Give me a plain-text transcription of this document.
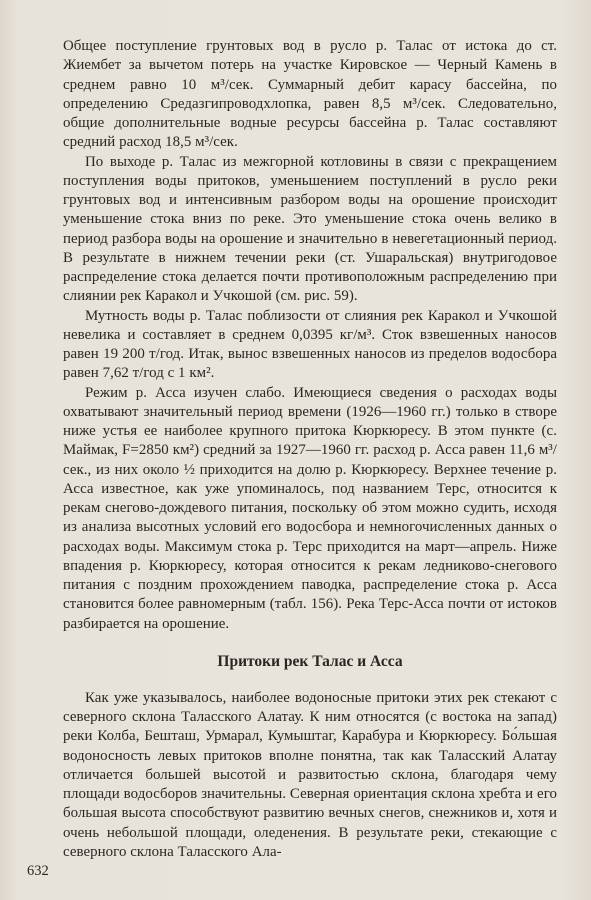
Общее поступление грунтовых вод в русло р. Талас от истока до ст. Жиембет за вычетом потерь на участке Кировское — Черный Камень в среднем равно 10 м³/сек. Суммарный дебит карасу бассейна, по определению Средазгипроводхлопка, равен 8,5 м³/сек. Следовательно, общие дополнительные водные ресурсы бассейна р. Талас составляют средний расход 18,5 м³/сек.

По выходе р. Талас из межгорной котловины в связи с прекращением поступления воды притоков, уменьшением поступлений в русло реки грунтовых вод и интенсивным разбором воды на орошение происходит уменьшение стока вниз по реке. Это уменьшение стока очень велико в период разбора воды на орошение и значительно в невегетационный период. В результате в нижнем течении реки (ст. Ушаральская) внутригодовое распределение стока делается почти противоположным распределению при слиянии рек Каракол и Учкошой (см. рис. 59).

Мутность воды р. Талас поблизости от слияния рек Каракол и Учкошой невелика и составляет в среднем 0,0395 кг/м³. Сток взвешенных наносов равен 19 200 т/год. Итак, вынос взвешенных наносов из пределов водосбора равен 7,62 т/год с 1 км².

Режим р. Асса изучен слабо. Имеющиеся сведения о расходах воды охватывают значительный период времени (1926—1960 гг.) только в створе ниже устья ее наиболее крупного притока Кюркюресу. В этом пункте (с. Маймак, F=2850 км²) средний за 1927—1960 гг. расход р. Асса равен 11,6 м³/сек., из них около ½ приходится на долю р. Кюркюресу. Верхнее течение р. Асса известное, как уже упоминалось, под названием Терс, относится к рекам снегово-дождевого питания, поскольку об этом можно судить, исходя из анализа высотных условий его водосбора и немногочисленных данных о расходах воды. Максимум стока р. Терс приходится на март—апрель. Ниже впадения р. Кюркюресу, которая относится к рекам ледниково-снегового питания с поздним прохождением паводка, распределение стока р. Асса становится более равномерным (табл. 156). Река Терс-Асса почти от истоков разбирается на орошение.

Притоки рек Талас и Асса

Как уже указывалось, наиболее водоносные притоки этих рек стекают с северного склона Таласского Алатау. К ним относятся (с востока на запад) реки Колба, Бешташ, Урмарал, Кумыштаг, Карабура и Кюркюресу. Бо́льшая водоносность левых притоков вполне понятна, так как Таласский Алатау отличается большей высотой и развитостью склона, благодаря чему площади водосборов значительны. Северная ориентация склона хребта и его большая высота способствуют развитию вечных снегов, снежников и, хотя и очень небольшой площади, оледенения. В результате реки, стекающие с северного склона Таласского Ала-

632
